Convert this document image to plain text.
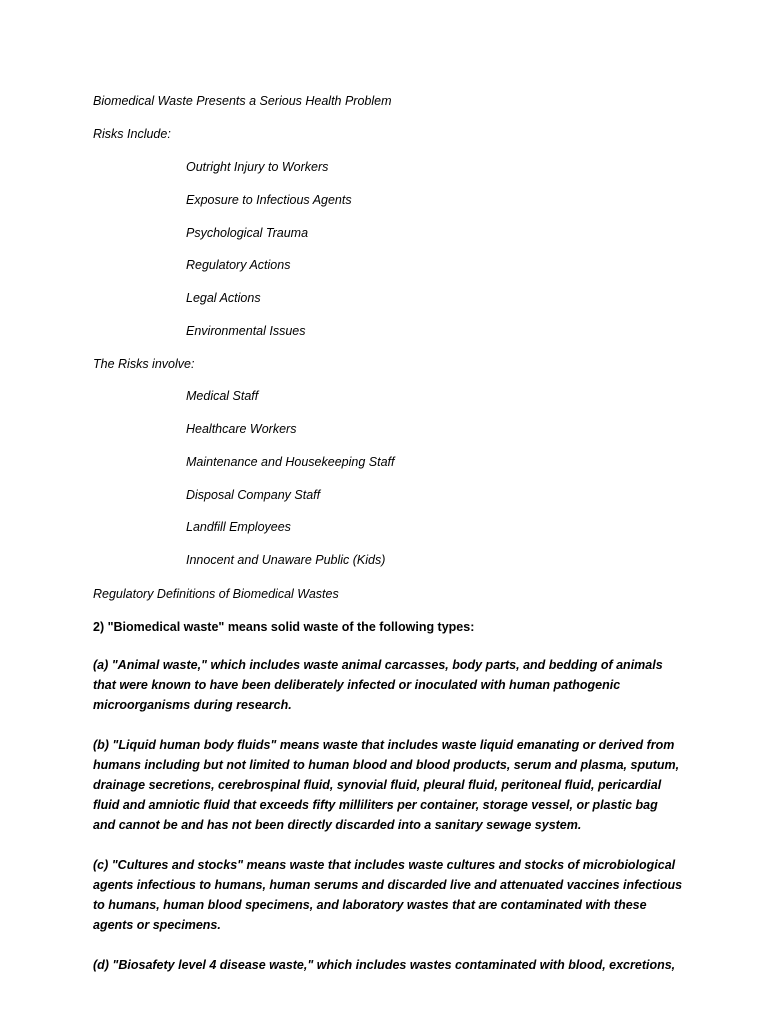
Biomedical Waste Presents a Serious Health Problem
Risks Include:
Outright Injury to Workers
Exposure to Infectious Agents
Psychological Trauma
Regulatory Actions
Legal Actions
Environmental Issues
The Risks involve:
Medical Staff
Healthcare Workers
Maintenance and Housekeeping Staff
Disposal Company Staff
Landfill Employees
Innocent and Unaware Public (Kids)
Regulatory Definitions of Biomedical Wastes
2) "Biomedical waste" means solid waste of the following types:
(a) "Animal waste," which includes waste animal carcasses, body parts, and bedding of animals that were known to have been deliberately infected or inoculated with human pathogenic microorganisms during research.
(b) "Liquid human body fluids" means waste that includes waste liquid emanating or derived from humans including but not limited to human blood and blood products, serum and plasma, sputum, drainage secretions, cerebrospinal fluid, synovial fluid, pleural fluid, peritoneal fluid, pericardial fluid and amniotic fluid that exceeds fifty milliliters per container, storage vessel, or plastic bag and cannot be and has not been directly discarded into a sanitary sewage system.
(c) "Cultures and stocks" means waste that includes waste cultures and stocks of microbiological agents infectious to humans, human serums and discarded live and attenuated vaccines infectious to humans, human blood specimens, and laboratory wastes that are contaminated with these agents or specimens.
(d) "Biosafety level 4 disease waste," which includes wastes contaminated with blood, excretions,
